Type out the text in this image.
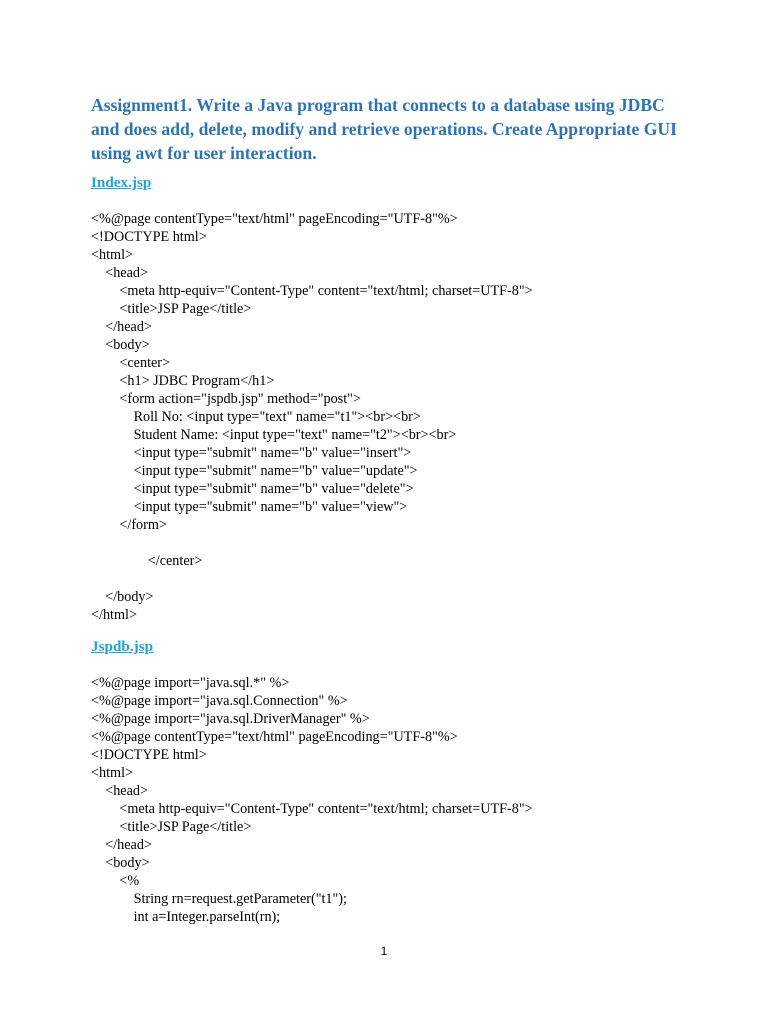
Assignment1. Write a Java program that connects to a database using JDBC
and does add, delete, modify and retrieve operations. Create Appropriate GUI
using awt for user interaction.
Index.jsp
<%@page contentType="text/html" pageEncoding="UTF-8"%>
<!DOCTYPE html>
<html>
<head>
<meta http-equiv="Content-Type" content="text/html; charset=UTF-8">
<title>JSP Page</title>
</head>
<body>
<center>
<h1> JDBC Program</h1>
<form action="jspdb.jsp" method="post">
Roll No: <input type="text" name="t1"><br><br>
Student Name: <input type="text" name="t2"><br><br>
<input type="submit" name="b" value="insert">
<input type="submit" name="b" value="update">
<input type="submit" name="b" value="delete">
<input type="submit" name="b" value="view">
</form>
</center>
</body>
</html>
Jspdb.jsp
<%@page import="java.sql.*" %>
<%@page import="java.sql.Connection" %>
<%@page import="java.sql.DriverManager" %>
<%@page contentType="text/html" pageEncoding="UTF-8"%>
<!DOCTYPE html>
<html>
<head>
<meta http-equiv="Content-Type" content="text/html; charset=UTF-8">
<title>JSP Page</title>
</head>
<body>
<%
String rn=request.getParameter("t1");
int a=Integer.parseInt(rn);
1
